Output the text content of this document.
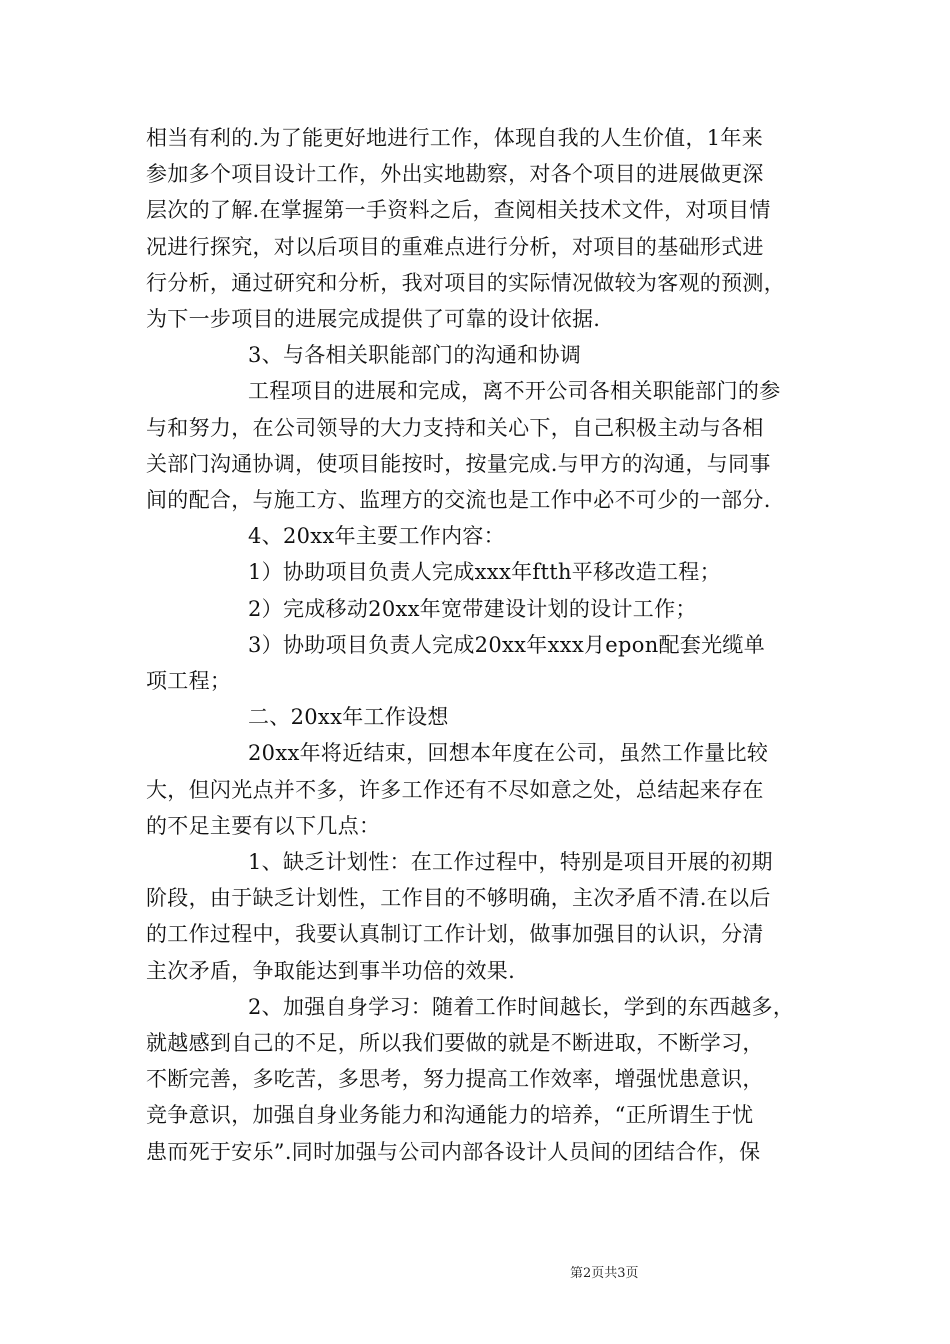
相当有利的.为了能更好地进行工作，体现自我的人生价值，1年来
参加多个项目设计工作，外出实地勘察，对各个项目的进展做更深
层次的了解.在掌握第一手资料之后，查阅相关技术文件，对项目情
况进行探究，对以后项目的重难点进行分析，对项目的基础形式进
行分析，通过研究和分析，我对项目的实际情况做较为客观的预测，
为下一步项目的进展完成提供了可靠的设计依据.

3、与各相关职能部门的沟通和协调

工程项目的进展和完成，离不开公司各相关职能部门的参
与和努力，在公司领导的大力支持和关心下，自己积极主动与各相
关部门沟通协调，使项目能按时，按量完成.与甲方的沟通，与同事
间的配合，与施工方、监理方的交流也是工作中必不可少的一部分.

4、20xx年主要工作内容：

1）协助项目负责人完成xxx年ftth平移改造工程；

2）完成移动20xx年宽带建设计划的设计工作；

3）协助项目负责人完成20xx年xxx月epon配套光缆单
项工程；

二、20xx年工作设想

20xx年将近结束，回想本年度在公司，虽然工作量比较
大，但闪光点并不多，许多工作还有不尽如意之处，总结起来存在
的不足主要有以下几点：

1、缺乏计划性：在工作过程中，特别是项目开展的初期
阶段，由于缺乏计划性，工作目的不够明确，主次矛盾不清.在以后
的工作过程中，我要认真制订工作计划，做事加强目的认识，分清
主次矛盾，争取能达到事半功倍的效果.

2、加强自身学习：随着工作时间越长，学到的东西越多，
就越感到自己的不足，所以我们要做的就是不断进取，不断学习，
不断完善，多吃苦，多思考，努力提高工作效率，增强忧患意识，
竞争意识，加强自身业务能力和沟通能力的培养，“正所谓生于忧
患而死于安乐”.同时加强与公司内部各设计人员间的团结合作，保

第2页共3页
